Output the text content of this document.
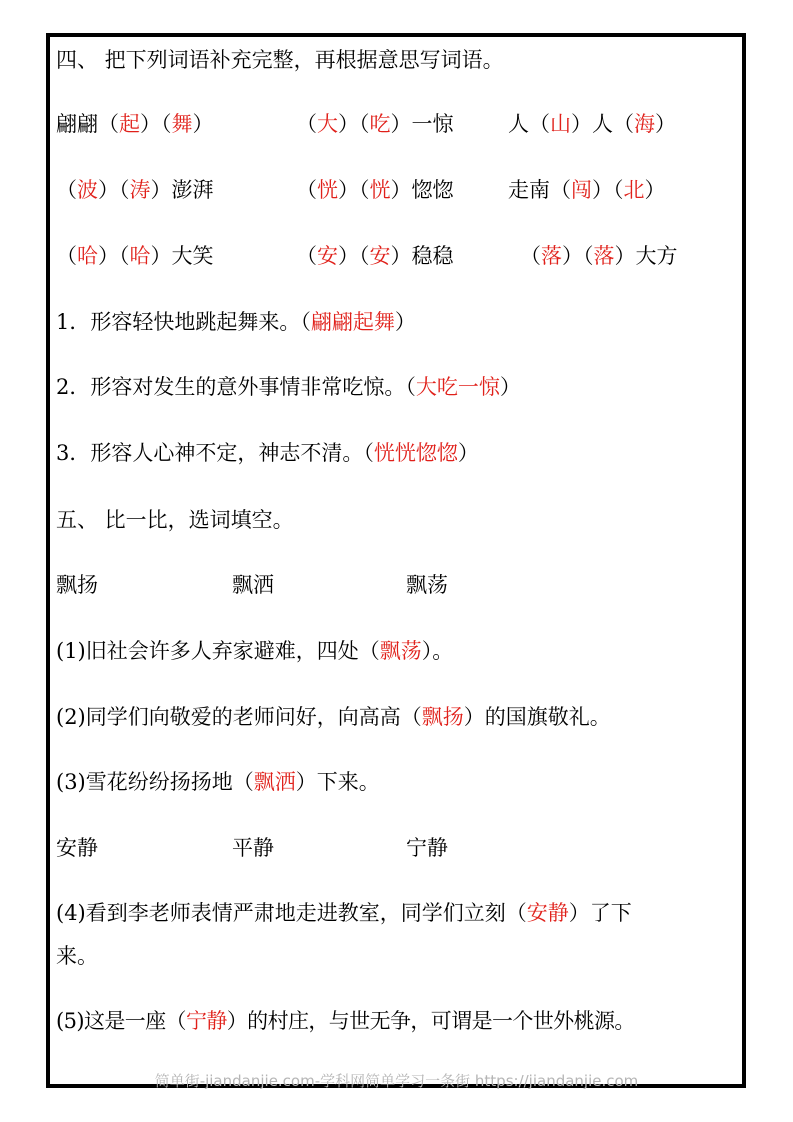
四、 把下列词语补充完整，再根据意思写词语。
翩翩（起）（舞）	（大）（吃）一惊	人（山）人（海）
（波）（涛）澎湃	（恍）（恍）惚惚	走南（闯）（北）
（哈）（哈）大笑	（安）（安）稳稳	（落）（落）大方
1．形容轻快地跳起舞来。（翩翩起舞）
2．形容对发生的意外事情非常吃惊。（大吃一惊）
3．形容人心神不定，神志不清。（恍恍惚惚）
五、 比一比，选词填空。
飘扬	飘洒	飘荡
(1)旧社会许多人弃家避难，四处（飘荡）。
(2)同学们向敬爱的老师问好，向高高（飘扬）的国旗敬礼。
(3)雪花纷纷扬扬地（飘洒）下来。
安静	平静	宁静
(4)看到李老师表情严肃地走进教室，同学们立刻（安静）了下
来。
(5)这是一座（宁静）的村庄，与世无争，可谓是一个世外桃源。
简单街-jiandanjie.com-学科网简单学习一条街 https://jiandanjie.com
